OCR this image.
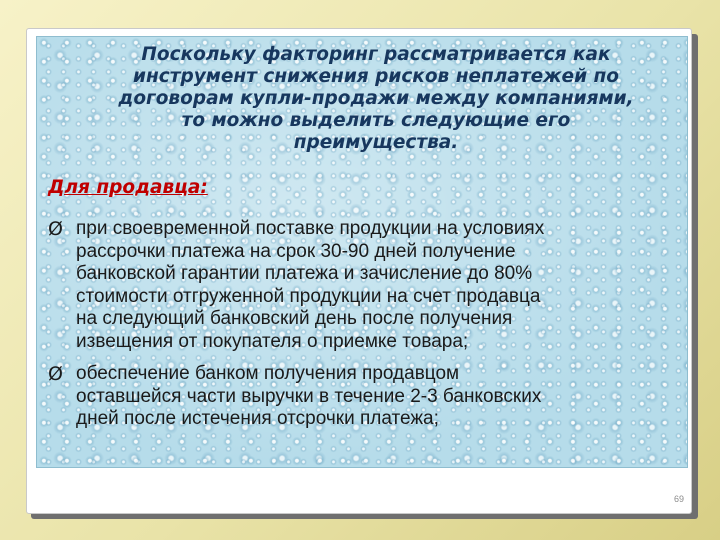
Поскольку факторинг рассматривается как
инструмент снижения рисков неплатежей по
договорам купли-продажи между компаниями,
то можно выделить следующие его
преимущества.

Для продавца:
Ø при своевременной поставке продукции на условиях
рассрочки платежа на срок 30-90 дней получение
банковской гарантии платежа и зачисление до 80%
стоимости отгруженной продукции на счет продавца
на следующий банковский день после получения
извещения от покупателя о приемке товара;
Ø обеспечение банком получения продавцом
оставшейся части выручки в течение 2-3 банковских
дней после истечения отсрочки платежа;
69
